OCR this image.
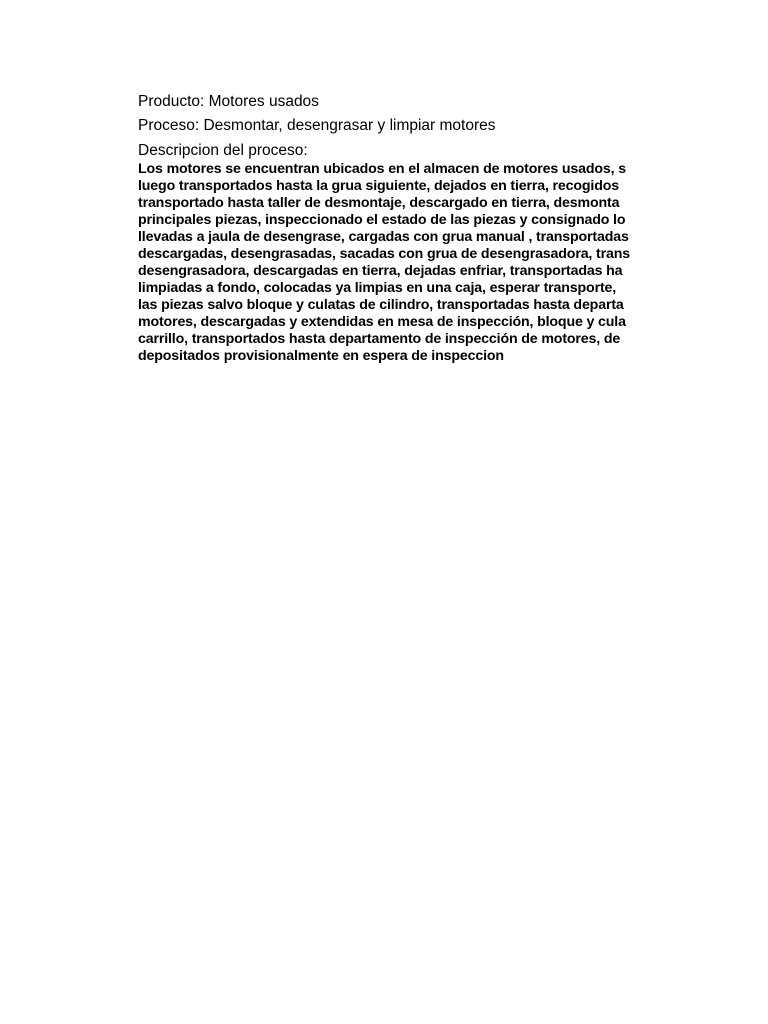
Producto: Motores usados
Proceso: Desmontar, desengrasar y limpiar motores
Descripcion del proceso:
Los motores se encuentran ubicados en el almacen de motores usados, s
luego transportados hasta la grua siguiente, dejados en tierra, recogidos
transportado hasta taller de desmontaje, descargado en tierra, desmonta
principales piezas, inspeccionado el estado de las piezas y consignado lo
llevadas a jaula de desengrase, cargadas con grua manual , transportadas
descargadas, desengrasadas, sacadas con grua de desengrasadora, trans
desengrasadora, descargadas en tierra, dejadas enfriar, transportadas ha
limpiadas a fondo, colocadas ya limpias en una caja, esperar transporte,
las piezas salvo bloque y culatas de cilindro, transportadas hasta departa
motores, descargadas y extendidas en mesa de inspección, bloque y cula
carrillo, transportados hasta departamento de inspección de motores, de
depositados provisionalmente en espera de inspeccion
